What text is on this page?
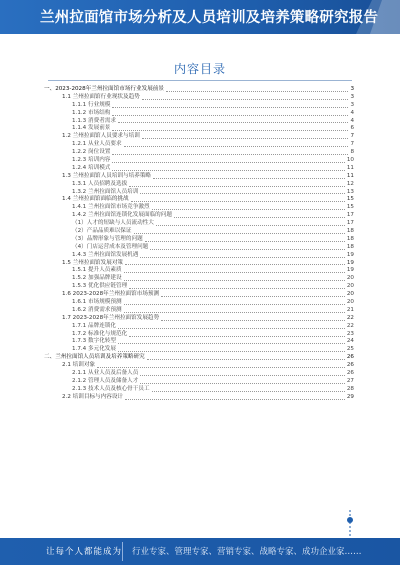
兰州拉面馆市场分析及人员培训及培养策略研究报告
内容目录
一、2023-2028年兰州拉面馆市场行业发展前景	3
1.1 兰州拉面馆行业现状及趋势	3
1.1.1 行业规模	3
1.1.2 市场结构	4
1.1.3 消费者需求	4
1.1.4 发展前景	6
1.2 兰州拉面馆人员要求与培训	7
1.2.1 从业人员要求	7
1.2.2 岗位设置	8
1.2.3 培训内容	10
1.2.4 培训模式	11
1.3 兰州拉面馆人员培训与培养策略	11
1.3.1 人员招聘及选拔	12
1.3.2 兰州拉面馆人员培训	13
1.4 兰州拉面馆面临的挑战	15
1.4.1 兰州拉面馆市场竞争激烈	15
1.4.2 兰州拉面馆连锁化发展面临的问题	17
（1）人才的短缺与人员流动性大	17
（2）产品品质难以保证	18
（3）品牌形象与管理的问题	18
（4）门店运营成本及管理问题	18
1.4.3 兰州拉面馆发展机遇	19
1.5 兰州拉面馆发展对策	19
1.5.1 提升人员素质	19
1.5.2 加强品牌建设	20
1.5.3 优化供应链管理	20
1.6 2023-2028年兰州拉面馆市场预测	20
1.6.1 市场规模预测	20
1.6.2 消费需求预测	21
1.7 2023-2028年兰州拉面馆发展趋势	22
1.7.1 品牌连锁化	22
1.7.2 标准化与规范化	23
1.7.3 数字化转型	24
1.7.4 多元化发展	25
二、兰州拉面馆人员培训及培养策略研究	26
2.1 培训对象	26
2.1.1 从业人员及后备人员	26
2.1.2 管理人员及储备人才	27
2.1.3 技术人员及核心骨干员工	28
2.2 培训目标与内容设计	29
让每个人都能成为 行业专家、管理专家、营销专家、战略专家、成功企业家……
